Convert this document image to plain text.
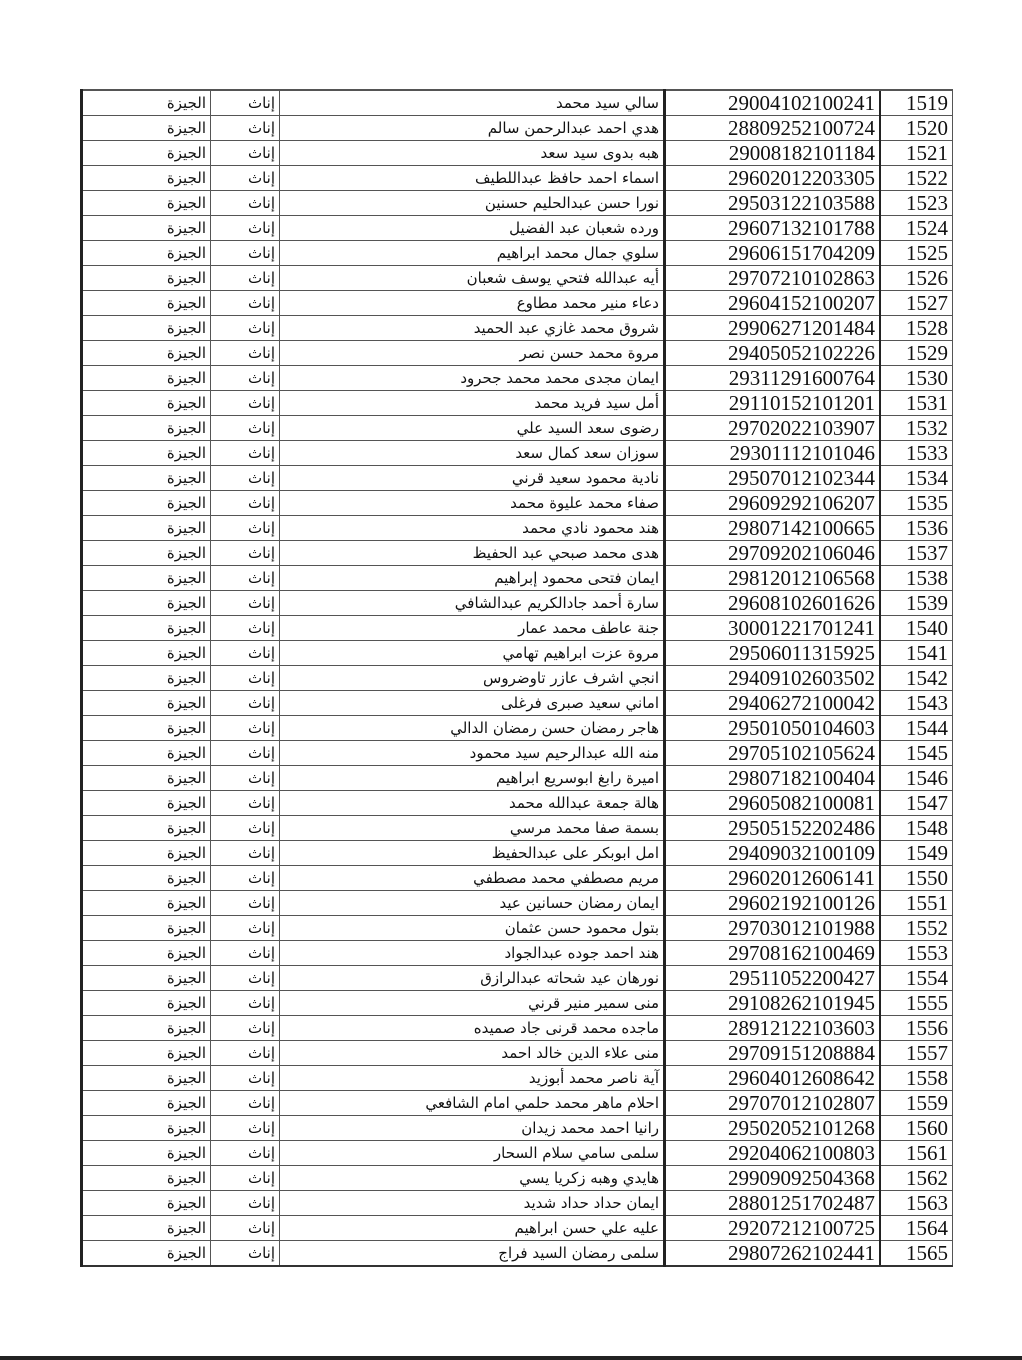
1519	29004102100241	سالي سيد محمد	إناث	الجيزة
1520	28809252100724	هدي احمد عبدالرحمن سالم	إناث	الجيزة
1521	29008182101184	هبه بدوى سيد سعد	إناث	الجيزة
1522	29602012203305	اسماء احمد حافظ عبداللطيف	إناث	الجيزة
1523	29503122103588	نورا حسن عبدالحليم حسنين	إناث	الجيزة
1524	29607132101788	ورده شعبان عبد الفضيل	إناث	الجيزة
1525	29606151704209	سلوي جمال محمد ابراهيم	إناث	الجيزة
1526	29707210102863	أيه عبدالله فتحي يوسف شعبان	إناث	الجيزة
1527	29604152100207	دعاء منير محمد مطاوع	إناث	الجيزة
1528	29906271201484	شروق محمد غازي عبد الحميد	إناث	الجيزة
1529	29405052102226	مروة محمد حسن نصر	إناث	الجيزة
1530	29311291600764	ايمان مجدى محمد محمد جحرود	إناث	الجيزة
1531	29110152101201	أمل سيد فريد محمد	إناث	الجيزة
1532	29702022103907	رضوى سعد السيد علي	إناث	الجيزة
1533	29301112101046	سوزان سعد كمال سعد	إناث	الجيزة
1534	29507012102344	نادية محمود سعيد قرني	إناث	الجيزة
1535	29609292106207	صفاء محمد عليوة محمد	إناث	الجيزة
1536	29807142100665	هند محمود نادي محمد	إناث	الجيزة
1537	29709202106046	هدى محمد صبحي عبد الحفيظ	إناث	الجيزة
1538	29812012106568	ايمان فتحى محمود إبراهيم	إناث	الجيزة
1539	29608102601626	سارة أحمد جادالكريم عبدالشافي	إناث	الجيزة
1540	30001221701241	جنة عاطف محمد عمار	إناث	الجيزة
1541	29506011315925	مروة عزت ابراهيم تهامي	إناث	الجيزة
1542	29409102603502	انجي اشرف عازر تاوضروس	إناث	الجيزة
1543	29406272100042	اماني سعيد صبرى فرغلى	إناث	الجيزة
1544	29501050104603	هاجر رمضان حسن رمضان الدالي	إناث	الجيزة
1545	29705102105624	منه الله عبدالرحيم سيد محمود	إناث	الجيزة
1546	29807182100404	اميرة رابغ ابوسريع ابراهيم	إناث	الجيزة
1547	29605082100081	هالة جمعة عبدالله محمد	إناث	الجيزة
1548	29505152202486	بسمة صفا محمد مرسي	إناث	الجيزة
1549	29409032100109	امل ابوبكر على عبدالحفيظ	إناث	الجيزة
1550	29602012606141	مريم مصطفي محمد مصطفي	إناث	الجيزة
1551	29602192100126	ايمان رمضان حسانين عيد	إناث	الجيزة
1552	29703012101988	بتول محمود حسن عثمان	إناث	الجيزة
1553	29708162100469	هند احمد جوده عبدالجواد	إناث	الجيزة
1554	29511052200427	نورهان عيد شحاته عبدالرازق	إناث	الجيزة
1555	29108262101945	منى سمير منير قرني	إناث	الجيزة
1556	28912122103603	ماجده محمد قرنى جاد صميده	إناث	الجيزة
1557	29709151208884	منى علاء الدين خالد احمد	إناث	الجيزة
1558	29604012608642	آية ناصر محمد أبوزيد	إناث	الجيزة
1559	29707012102807	احلام ماهر محمد حلمي امام الشافعي	إناث	الجيزة
1560	29502052101268	رانيا احمد محمد زيدان	إناث	الجيزة
1561	29204062100803	سلمى سامي سلام السحار	إناث	الجيزة
1562	29909092504368	هايدي وهبه زكريا يسي	إناث	الجيزة
1563	28801251702487	ايمان حداد حداد شديد	إناث	الجيزة
1564	29207212100725	عليه علي حسن ابراهيم	إناث	الجيزة
1565	29807262102441	سلمى رمضان السيد فراج	إناث	الجيزة
